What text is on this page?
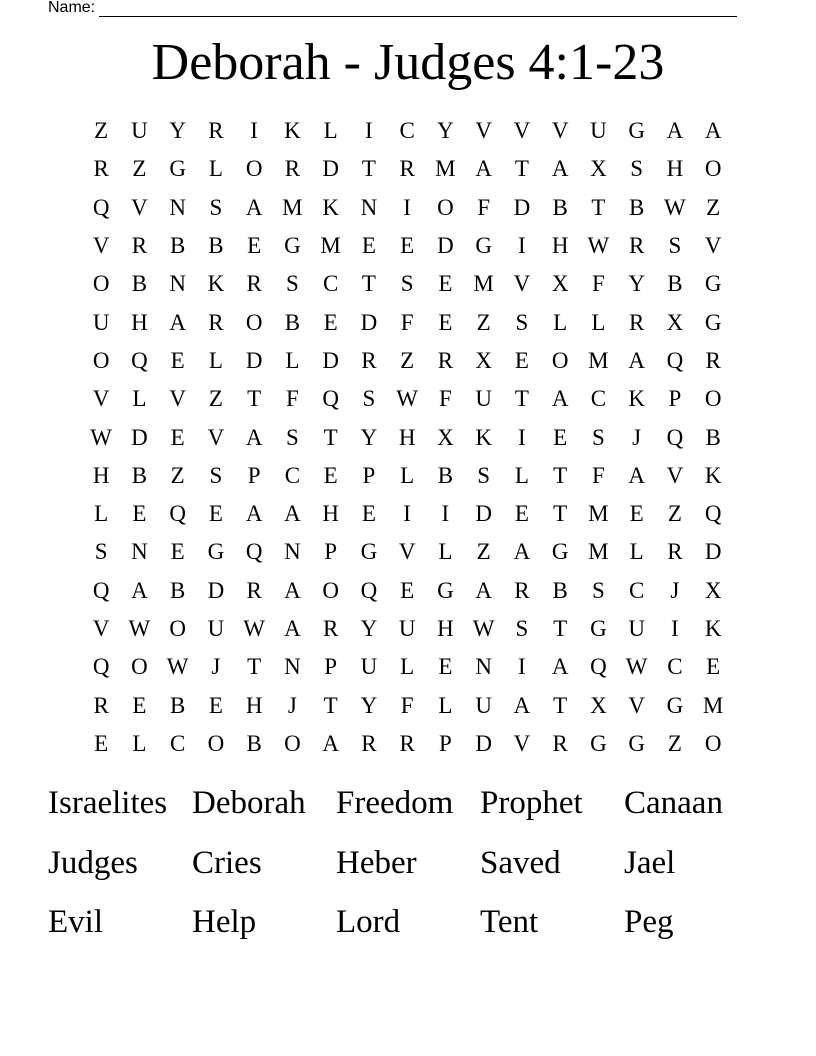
Name:
Deborah - Judges 4:1-23
Z U Y R	I	K L	I	C Y V V V U G A A
R	Z G L O R D T	R M A T A X	S	H O
Q V N	S	A M K N	I	O	F	D B	T	B W Z
V R B B	E G M E	E D G	I	H W R	S	V
O B N K R	S	C	T	S	E M V X	F	Y B G
U H A R O B	E D	F	E	Z	S	L	L	R X G
O Q E	L D L D R	Z	R X E O M A Q R
V L V Z	T	F	Q	S W F	U T A C K	P	O
W D E V A	S	T Y H X K	I	E	S	J	Q B
H B	Z	S	P	C	E	P	L	B	S	L	T	F	A V K
L	E Q E A A H E	I	I	D E	T M E	Z Q
S	N E G Q N	P	G V L	Z A G M L	R D
Q A B D R A O Q E G A R B	S	C	J	X
V W O U W A R Y U H W S	T G U	I	K
Q O W J	T N	P	U L	E N	I	A Q W C	E
R	E	B	E H	J	T Y	F	L U A T X V G M
E	L	C O B O A R R	P	D V R G G Z O
Israelites Deborah Freedom Prophet	Canaan
Judges	Cries	Heber	Saved	Jael
Evil	Help	Lord	Tent	Peg
